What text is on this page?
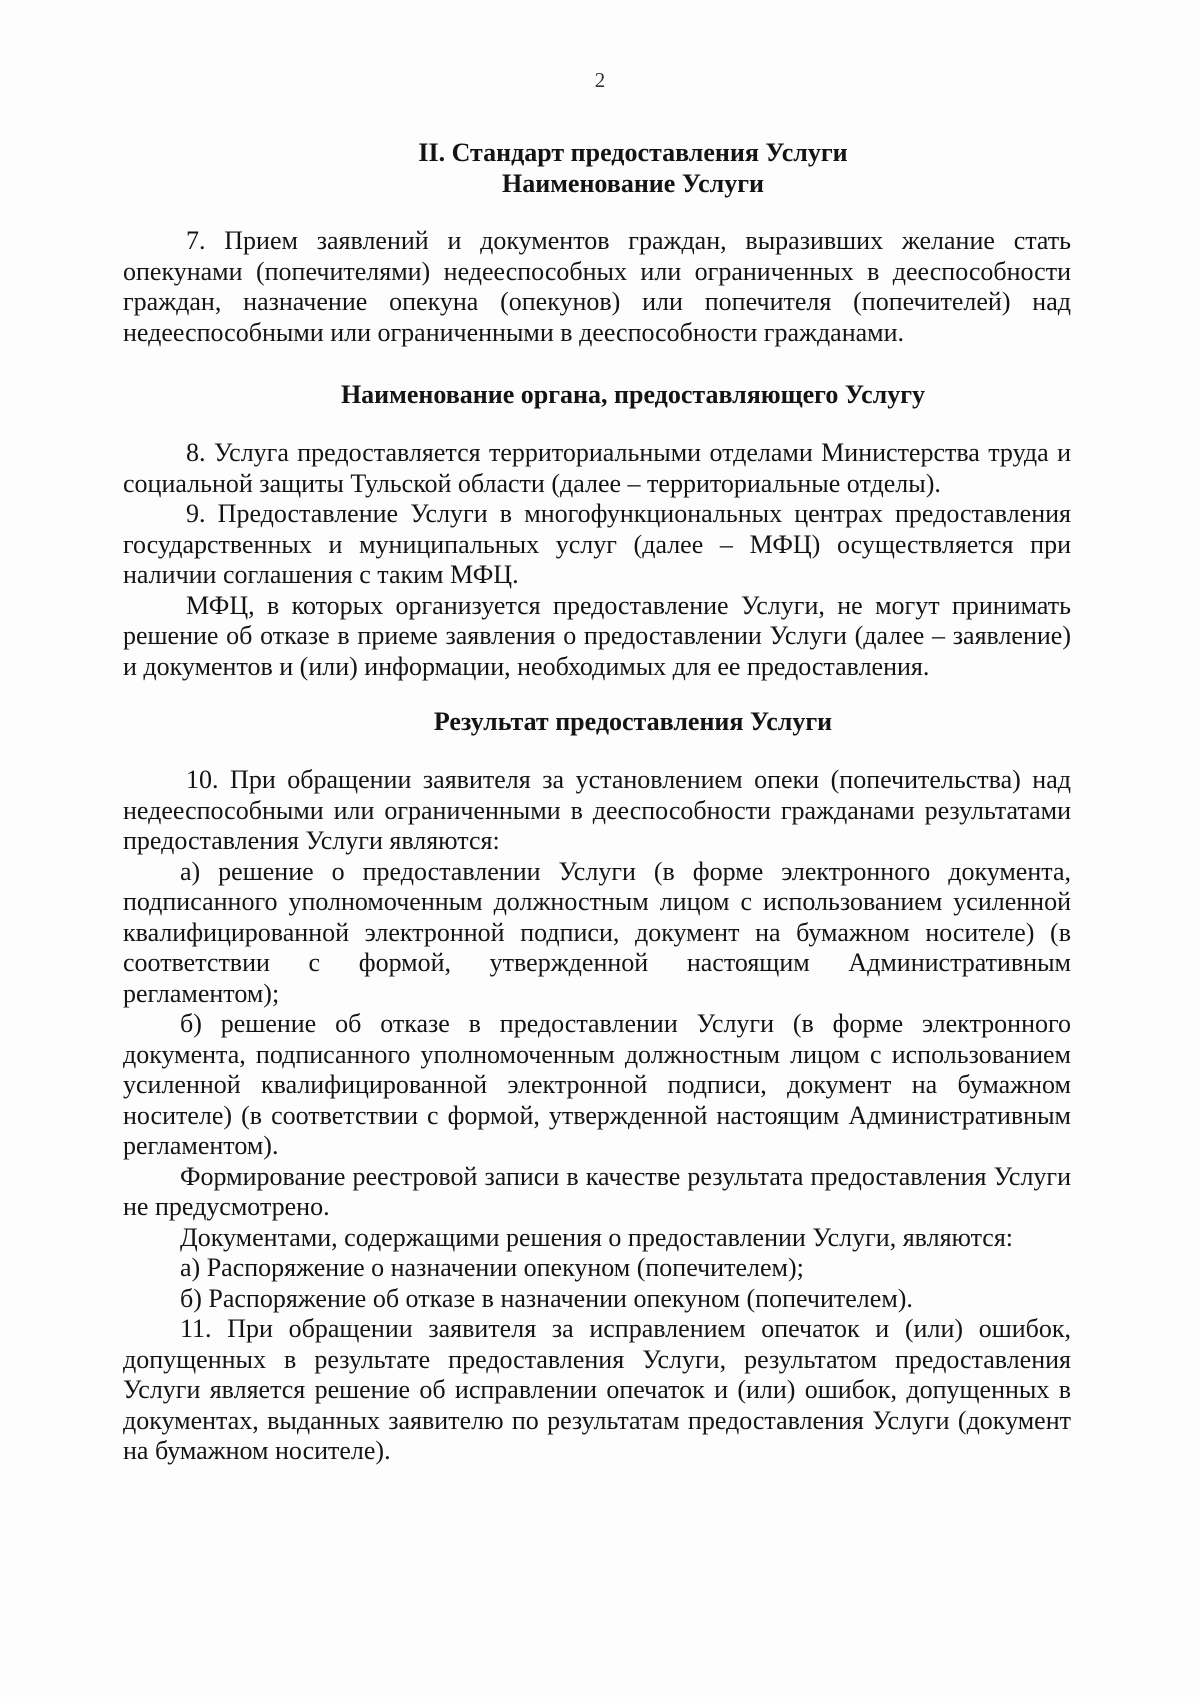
2
II. Стандарт предоставления Услуги
Наименование Услуги

7. Прием заявлений и документов граждан, выразивших желание стать опекунами (попечителями) недееспособных или ограниченных в дееспособности граждан, назначение опекуна (опекунов) или попечителя (попечителей) над недееспособными или ограниченными в дееспособности гражданами.

Наименование органа, предоставляющего Услугу

8. Услуга предоставляется территориальными отделами Министерства труда и социальной защиты Тульской области (далее – территориальные отделы).

9. Предоставление Услуги в многофункциональных центрах предоставления государственных и муниципальных услуг (далее – МФЦ) осуществляется при наличии соглашения с таким МФЦ.

МФЦ, в которых организуется предоставление Услуги, не могут принимать решение об отказе в приеме заявления о предоставлении Услуги (далее – заявление) и документов и (или) информации, необходимых для ее предоставления.

Результат предоставления Услуги

10. При обращении заявителя за установлением опеки (попечительства) над недееспособными или ограниченными в дееспособности гражданами результатами предоставления Услуги являются:

а) решение о предоставлении Услуги (в форме электронного документа, подписанного уполномоченным должностным лицом с использованием усиленной квалифицированной электронной подписи, документ на бумажном носителе) (в соответствии с формой, утвержденной настоящим Административным регламентом);

б) решение об отказе в предоставлении Услуги (в форме электронного документа, подписанного уполномоченным должностным лицом с использованием усиленной квалифицированной электронной подписи, документ на бумажном носителе) (в соответствии с формой, утвержденной настоящим Административным регламентом).

Формирование реестровой записи в качестве результата предоставления Услуги не предусмотрено.

Документами, содержащими решения о предоставлении Услуги, являются:

а) Распоряжение о назначении опекуном (попечителем);

б) Распоряжение об отказе в назначении опекуном (попечителем).

11. При обращении заявителя за исправлением опечаток и (или) ошибок, допущенных в результате предоставления Услуги, результатом предоставления Услуги является решение об исправлении опечаток и (или) ошибок, допущенных в документах, выданных заявителю по результатам предоставления Услуги (документ на бумажном носителе).
